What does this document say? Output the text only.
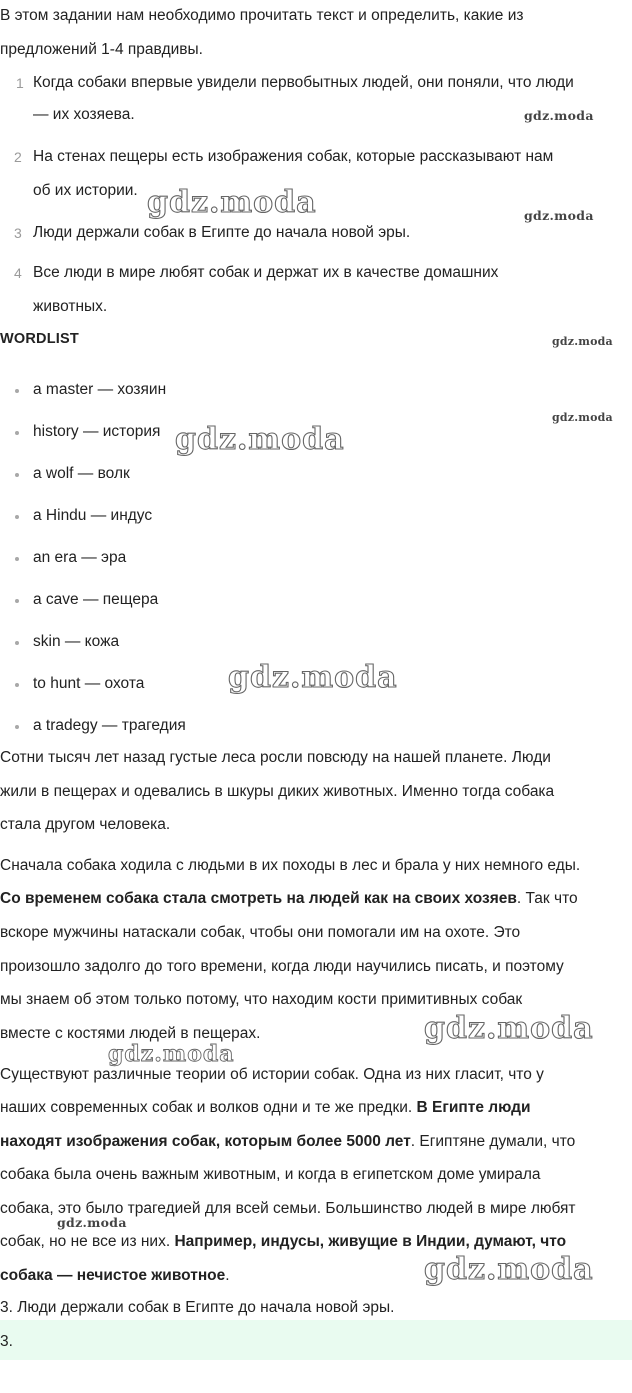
В этом задании нам необходимо прочитать текст и определить, какие из
предложений 1-4 правдивы.
1 Когда собаки впервые увидели первобытных людей, они поняли, что люди
— их хозяева.
2 На стенах пещеры есть изображения собак, которые рассказывают нам
об их истории.
3 Люди держали собак в Египте до начала новой эры.
4 Все люди в мире любят собак и держат их в качестве домашних
животных.
WORDLIST
a master — хозяин
history — история
a wolf — волк
a Hindu — индус
an era — эра
a cave — пещера
skin — кожа
to hunt — охота
a tradegy — трагедия
Сотни тысяч лет назад густые леса росли повсюду на нашей планете. Люди
жили в пещерах и одевались в шкуры диких животных. Именно тогда собака
стала другом человека.
Сначала собака ходила с людьми в их походы в лес и брала у них немного еды.
Со временем собака стала смотреть на людей как на своих хозяев. Так что
вскоре мужчины натаскали собак, чтобы они помогали им на охоте. Это
произошло задолго до того времени, когда люди научились писать, и поэтому
мы знаем об этом только потому, что находим кости примитивных собак
вместе с костями людей в пещерах.
Существуют различные теории об истории собак. Одна из них гласит, что у
наших современных собак и волков одни и те же предки. В Египте люди
находят изображения собак, которым более 5000 лет. Египтяне думали, что
собака была очень важным животным, и когда в египетском доме умирала
собака, это было трагедией для всей семьи. Большинство людей в мире любят
собак, но не все из них. Например, индусы, живущие в Индии, думают, что
собака — нечистое животное.
3. Люди держали собак в Египте до начала новой эры.
3.
gdz.moda
gdz.moda	gdz.moda
gdz.moda
gdz.moda
gdz.moda
gdz.moda
gdz.moda
gdz.moda
gdz.moda
gdz.moda
